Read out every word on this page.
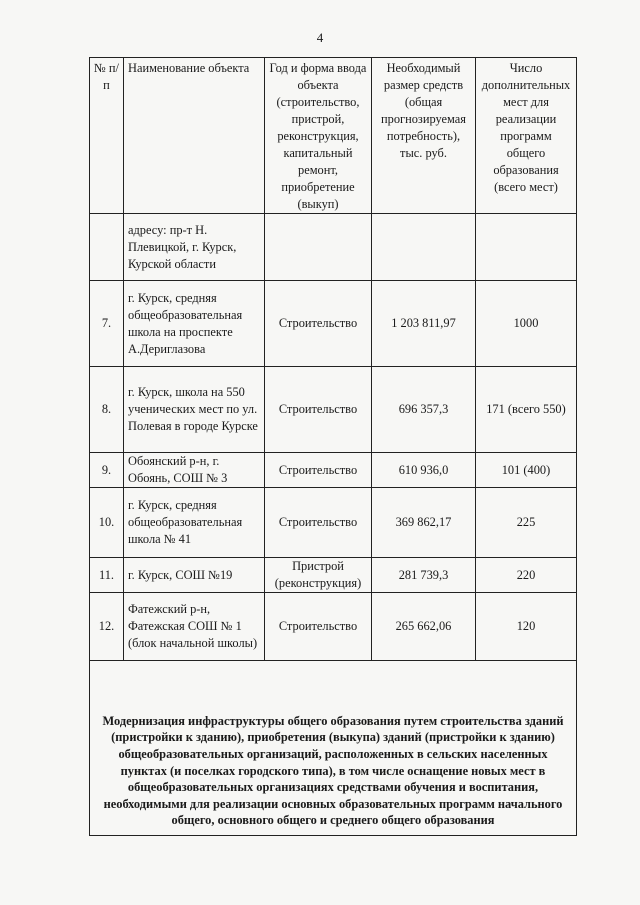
4
№ п/п	Наименование объекта	Год и форма ввода объекта (строительство, пристрой, реконструкция, капитальный ремонт, приобретение (выкуп)	Необходимый размер средств (общая прогнозируемая потребность), тыс. руб.	Число дополнительных мест для реализации программ общего образования (всего мест)
	адресу: пр-т Н. Плевицкой, г. Курск, Курской области			
7.	г. Курск, средняя общеобразовательная школа на проспекте А.Дериглазова	Строительство	1 203 811,97	1000
8.	г. Курск, школа на 550 ученических мест по ул. Полевая в городе Курске	Строительство	696 357,3	171 (всего 550)
9.	Обоянский р-н, г. Обоянь, СОШ № 3	Строительство	610 936,0	101 (400)
10.	г. Курск, средняя общеобразовательная школа № 41	Строительство	369 862,17	225
11.	г. Курск, СОШ №19	Пристрой (реконструкция)	281 739,3	220
12.	Фатежский р-н, Фатежская СОШ № 1 (блок начальной школы)	Строительство	265 662,06	120
Модернизация инфраструктуры общего образования путем строительства зданий (пристройки к зданию), приобретения (выкупа) зданий (пристройки к зданию) общеобразовательных организаций, расположенных в сельских населенных пунктах (и поселках городского типа), в том числе оснащение новых мест в общеобразовательных организациях средствами обучения и воспитания, необходимыми для реализации основных образовательных программ начального общего, основного общего и среднего общего образования				
